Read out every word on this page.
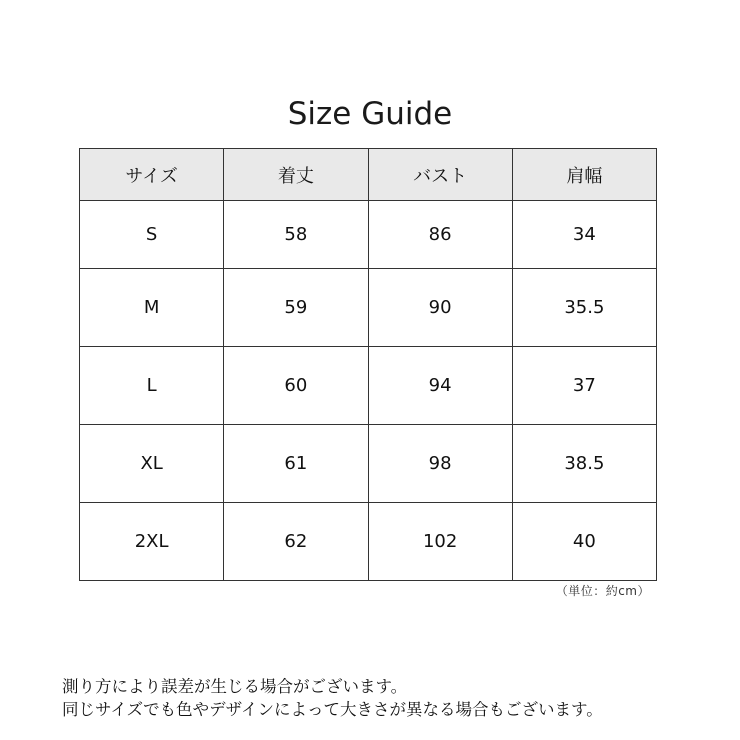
Size Guide
サイズ	着丈	バスト	肩幅
S	58	86	34
M	59	90	35.5
L	60	94	37
XL	61	98	38.5
2XL	62	102	40
（単位：約cm）

測り方により誤差が生じる場合がございます。

同じサイズでも色やデザインによって大きさが異なる場合もございます。
